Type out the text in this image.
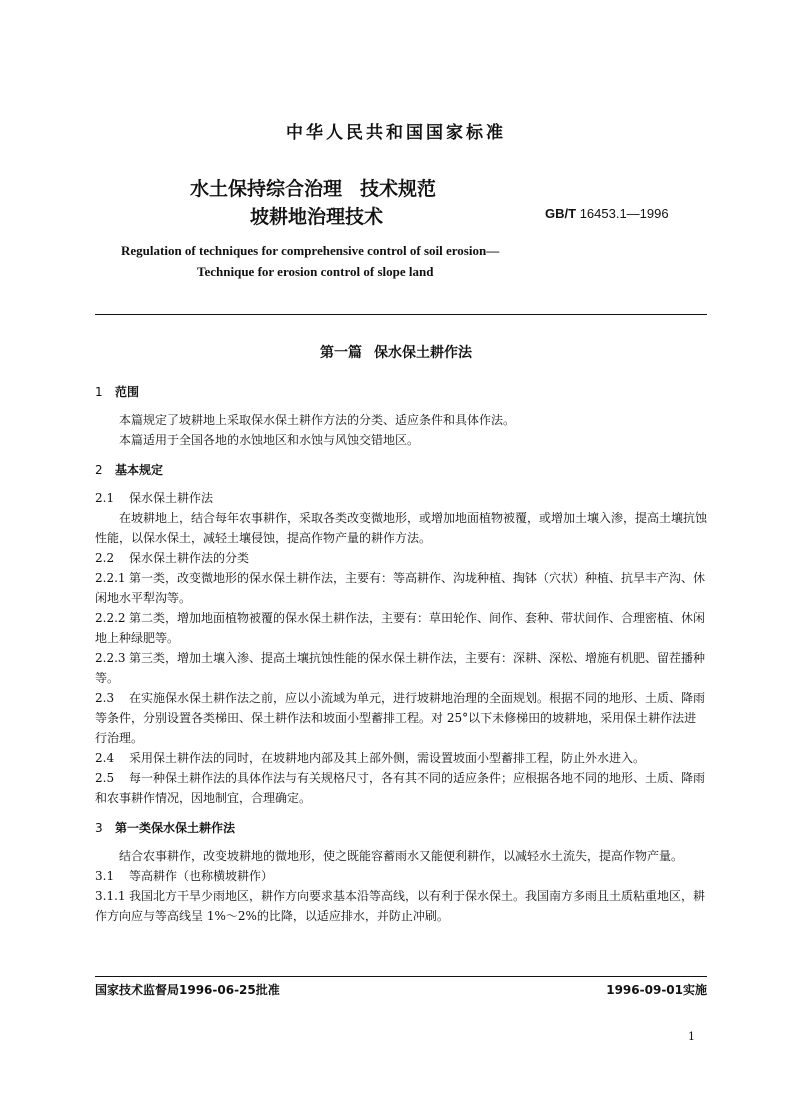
中华人民共和国国家标准
水土保持综合治理 技术规范
坡耕地治理技术	GB/T 16453.1—1996
Regulation of techniques for comprehensive control of soil erosion—
Technique for erosion control of slope land
第一篇 保水保土耕作法

1 范围

本篇规定了坡耕地上采取保水保土耕作方法的分类、适应条件和具体作法。

本篇适用于全国各地的水蚀地区和水蚀与风蚀交错地区。

2 基本规定

2.1 保水保土耕作法

在坡耕地上，结合每年农事耕作，采取各类改变微地形，或增加地面植物被覆，或增加土壤入渗，提高土壤抗蚀性能，以保水保土，减轻土壤侵蚀，提高作物产量的耕作方法。

2.2 保水保土耕作法的分类

2.2.1 第一类，改变微地形的保水保土耕作法，主要有：等高耕作、沟垅种植、掏钵（穴状）种植、抗旱丰产沟、休闲地水平犁沟等。

2.2.2 第二类，增加地面植物被覆的保水保土耕作法，主要有：草田轮作、间作、套种、带状间作、合理密植、休闲地上种绿肥等。

2.2.3 第三类，增加土壤入渗、提高土壤抗蚀性能的保水保土耕作法，主要有：深耕、深松、增施有机肥、留茬播种等。

2.3 在实施保水保土耕作法之前，应以小流域为单元，进行坡耕地治理的全面规划。根据不同的地形、土质、降雨等条件，分别设置各类梯田、保土耕作法和坡面小型蓄排工程。对 25°以下未修梯田的坡耕地，采用保土耕作法进行治理。

2.4 采用保土耕作法的同时，在坡耕地内部及其上部外侧，需设置坡面小型蓄排工程，防止外水进入。

2.5 每一种保土耕作法的具体作法与有关规格尺寸，各有其不同的适应条件；应根据各地不同的地形、土质、降雨和农事耕作情况，因地制宜，合理确定。

3 第一类保水保土耕作法

结合农事耕作，改变坡耕地的微地形，使之既能容蓄雨水又能便利耕作，以减轻水土流失，提高作物产量。

3.1 等高耕作（也称横坡耕作）

3.1.1 我国北方干旱少雨地区，耕作方向要求基本沿等高线，以有利于保水保土。我国南方多雨且土质粘重地区，耕作方向应与等高线呈 1%～2%的比降，以适应排水，并防止冲刷。

国家技术监督局1996-06-25批准	1996-09-01实施
1
